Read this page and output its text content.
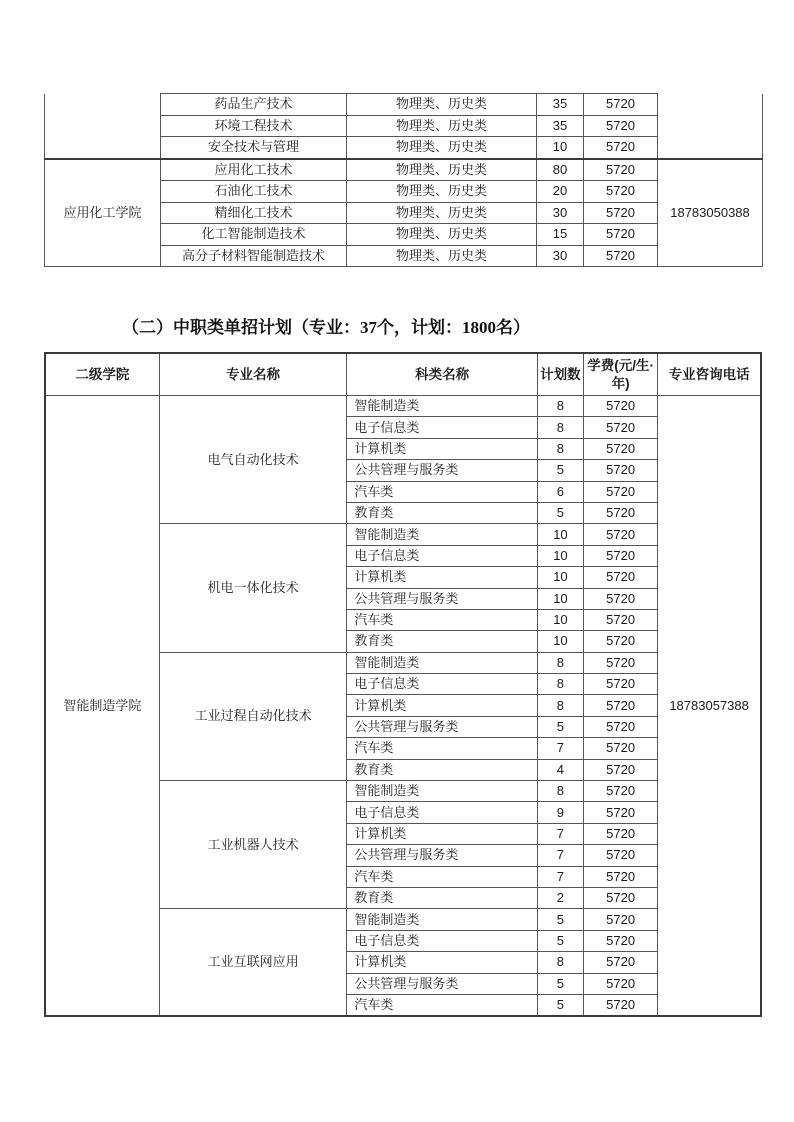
	药品生产技术	物理类、历史类	35	5720	
	环境工程技术	物理类、历史类	35	5720	
	安全技术与管理	物理类、历史类	10	5720	
应用化工学院	应用化工技术	物理类、历史类	80	5720	18783050388
	石油化工技术	物理类、历史类	20	5720	
	精细化工技术	物理类、历史类	30	5720	
	化工智能制造技术	物理类、历史类	15	5720	
	高分子材料智能制造技术	物理类、历史类	30	5720	
（二）中职类单招计划（专业：37个，计划：1800名）
二级学院	专业名称	科类名称	计划数	学费(元/生·年)	专业咨询电话
智能制造学院	电气自动化技术	智能制造类	8	5720	18783057388
		电子信息类	8	5720	
		计算机类	8	5720	
		公共管理与服务类	5	5720	
		汽车类	6	5720	
		教育类	5	5720	
	机电一体化技术	智能制造类	10	5720	
		电子信息类	10	5720	
		计算机类	10	5720	
		公共管理与服务类	10	5720	
		汽车类	10	5720	
		教育类	10	5720	
	工业过程自动化技术	智能制造类	8	5720	
		电子信息类	8	5720	
		计算机类	8	5720	
		公共管理与服务类	5	5720	
		汽车类	7	5720	
		教育类	4	5720	
	工业机器人技术	智能制造类	8	5720	
		电子信息类	9	5720	
		计算机类	7	5720	
		公共管理与服务类	7	5720	
		汽车类	7	5720	
		教育类	2	5720	
	工业互联网应用	智能制造类	5	5720	
		电子信息类	5	5720	
		计算机类	8	5720	
		公共管理与服务类	5	5720	
		汽车类	5	5720	
